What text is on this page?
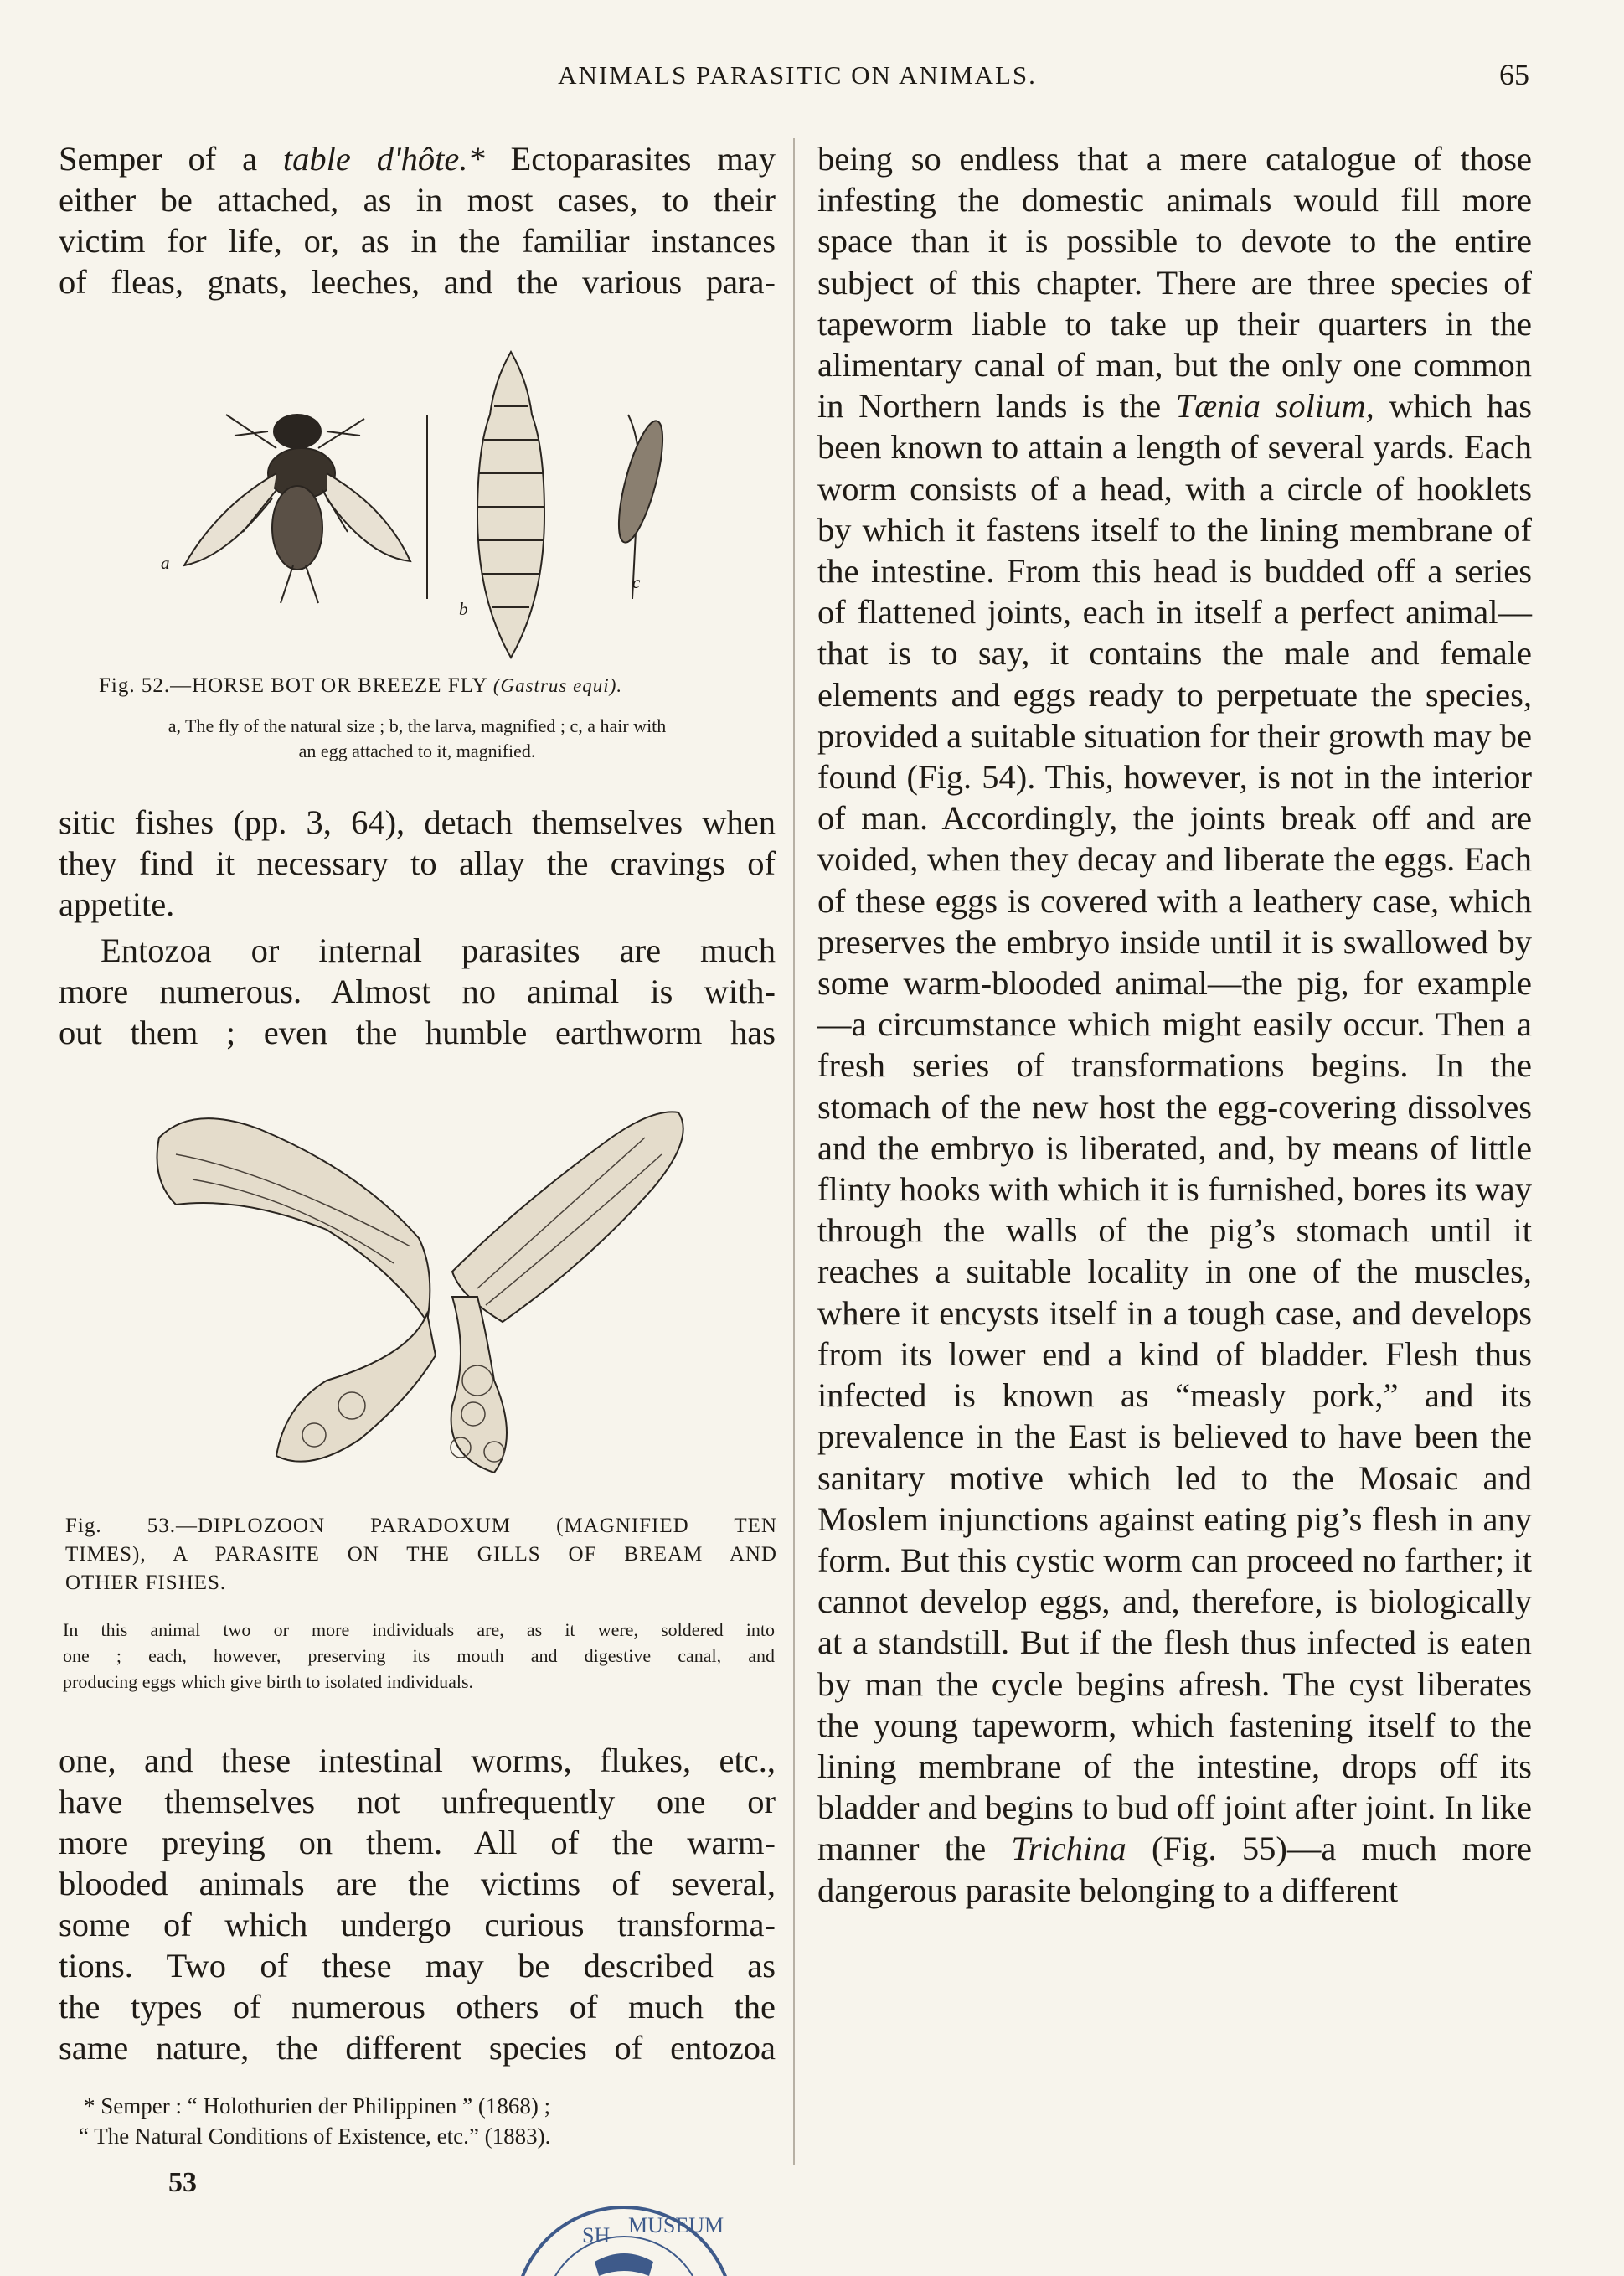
ANIMALS PARASITIC ON ANIMALS.	65

Semper of a table d'hôte.* Ectoparasites may

either be attached, as in most cases, to their

victim for life, or, as in the familiar instances

of fleas, gnats, leeches, and the various para-

a
b
c
Fig. 52.—HORSE BOT OR BREEZE FLY (Gastrus equi).
a, The fly of the natural size ; b, the larva, magnified ; c, a hair with
an egg attached to it, magnified.

sitic fishes (pp. 3, 64), detach themselves when

they find it necessary to allay the cravings of

appetite.

Entozoa or internal parasites are much

more numerous. Almost no animal is with-

out them ; even the humble earthworm has

Fig. 53.—DIPLOZOON PARADOXUM (MAGNIFIED TEN
TIMES), A PARASITE ON THE GILLS OF BREAM AND
OTHER FISHES.
In this animal two or more individuals are, as it were, soldered into
one ; each, however, preserving its mouth and digestive canal, and
producing eggs which give birth to isolated individuals.

one, and these intestinal worms, flukes, etc.,

have themselves not unfrequently one or

more preying on them. All of the warm-

blooded animals are the victims of several,

some of which undergo curious transforma-

tions. Two of these may be described as

the types of numerous others of much the

same nature, the different species of entozoa

* Semper : “ Holothurien der Philippinen ” (1868) ;
“ The Natural Conditions of Existence, etc.” (1883).
53

being so endless that a mere catalogue of those infesting the domestic animals would fill more space than it is possible to devote to the entire subject of this chapter. There are three species of tapeworm liable to take up their quarters in the alimentary canal of man, but the only one common in Northern lands is the Tænia solium, which has been known to attain a length of several yards. Each worm consists of a head, with a circle of hooklets by which it fastens itself to the lining membrane of the intestine. From this head is budded off a series of flattened joints, each in itself a perfect animal—that is to say, it contains the male and female elements and eggs ready to perpetuate the species, provided a suitable situation for their growth may be found (Fig. 54). This, however, is not in the interior of man. Accordingly, the joints break off and are voided, when they decay and liberate the eggs. Each of these eggs is covered with a leathery case, which preserves the embryo inside until it is swallowed by some warm-blooded animal—the pig, for example—a circumstance which might easily occur. Then a fresh series of transformations begins. In the stomach of the new host the egg-covering dissolves and the embryo is liberated, and, by means of little flinty hooks with which it is furnished, bores its way through the walls of the pig’s stomach until it reaches a suitable locality in one of the muscles, where it encysts itself in a tough case, and develops from its lower end a kind of bladder. Flesh thus infected is known as “measly pork,” and its prevalence in the East is believed to have been the sanitary motive which led to the Mosaic and Moslem injunctions against eating pig’s flesh in any form. But this cystic worm can proceed no farther; it cannot develop eggs, and, therefore, is biologically at a standstill. But if the flesh thus infected is eaten by man the cycle begins afresh. The cyst liberates the young tapeworm, which fastening itself to the lining membrane of the intestine, drops off its bladder and begins to bud off joint after joint. In like manner the Trichina (Fig. 55)—a much more dangerous parasite belonging to a different

SH MUSEUM
